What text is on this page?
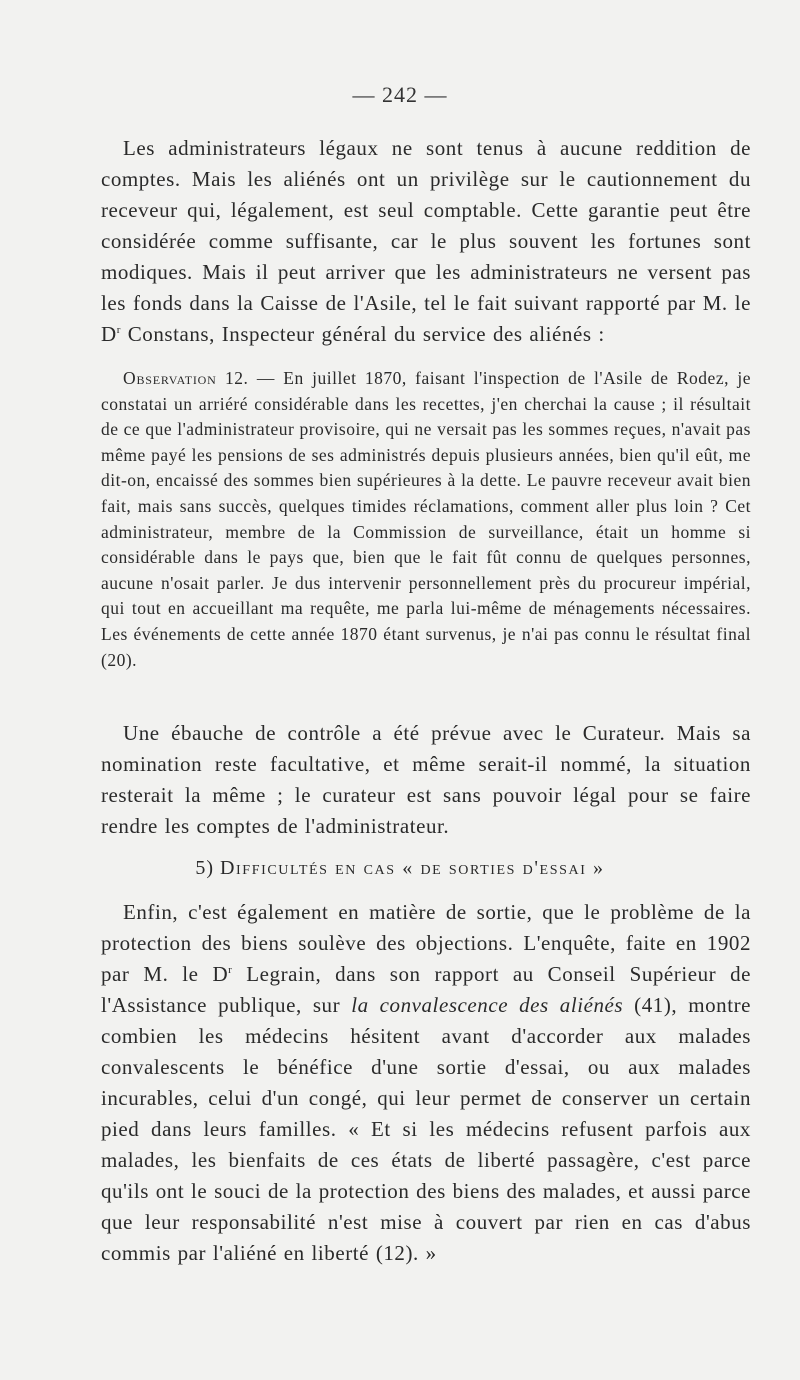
— 242 —

Les administrateurs légaux ne sont tenus à aucune reddition de comptes. Mais les aliénés ont un privilège sur le cautionnement du receveur qui, légalement, est seul comptable. Cette garantie peut être considérée comme suffisante, car le plus souvent les fortunes sont modiques. Mais il peut arriver que les administrateurs ne versent pas les fonds dans la Caisse de l'Asile, tel le fait suivant rapporté par M. le $D^r$ Constans, Inspecteur général du service des aliénés :

Observation 12. — En juillet 1870, faisant l'inspection de l'Asile de Rodez, je constatai un arriéré considérable dans les recettes, j'en cherchai la cause ; il résultait de ce que l'administrateur provisoire, qui ne versait pas les sommes reçues, n'avait pas même payé les pensions de ses administrés depuis plusieurs années, bien qu'il eût, me dit-on, encaissé des sommes bien supérieures à la dette. Le pauvre receveur avait bien fait, mais sans succès, quelques timides réclamations, comment aller plus loin ? Cet administrateur, membre de la Commission de surveillance, était un homme si considérable dans le pays que, bien que le fait fût connu de quelques personnes, aucune n'osait parler. Je dus intervenir personnellement près du procureur impérial, qui tout en accueillant ma requête, me parla lui-même de ménagements nécessaires. Les événements de cette année 1870 étant survenus, je n'ai pas connu le résultat final (20).

Une ébauche de contrôle a été prévue avec le Curateur. Mais sa nomination reste facultative, et même serait-il nommé, la situation resterait la même ; le curateur est sans pouvoir légal pour se faire rendre les comptes de l'administrateur.

5) Difficultés en cas « de sorties d'essai »

Enfin, c'est également en matière de sortie, que le problème de la protection des biens soulève des objections. L'enquête, faite en 1902 par M. le $D^r$ Legrain, dans son rapport au Conseil Supérieur de l'Assistance publique, sur la convalescence des aliénés (41), montre combien les médecins hésitent avant d'accorder aux malades convalescents le bénéfice d'une sortie d'essai, ou aux malades incurables, celui d'un congé, qui leur permet de conserver un certain pied dans leurs familles. « Et si les médecins refusent parfois aux malades, les bienfaits de ces états de liberté passagère, c'est parce qu'ils ont le souci de la protection des biens des malades, et aussi parce que leur responsabilité n'est mise à couvert par rien en cas d'abus commis par l'aliéné en liberté (12). »
